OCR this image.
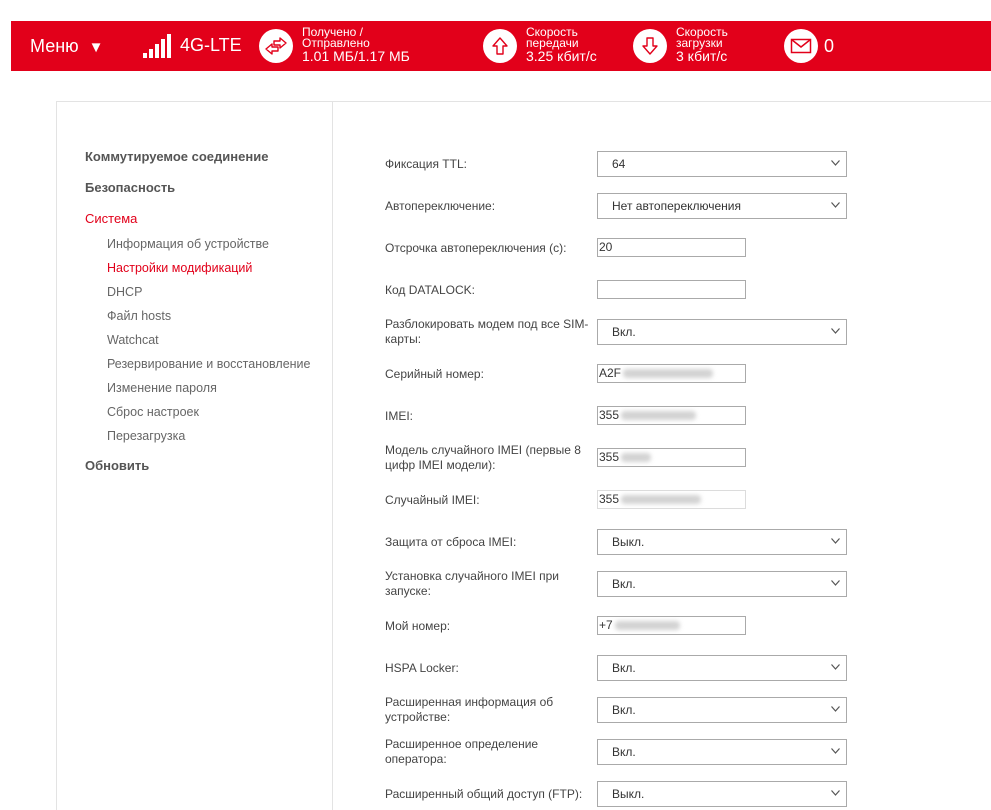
Меню ▼	4G-LTE
Получено /
Отправлено
1.01 МБ/1.17 МБ
Скорость
передачи
3.25 кбит/с
Скорость
загрузки
3 кбит/с	0
Коммутируемое соединение
Безопасность
Система
Информация об устройстве
Настройки модификаций
DHCP
Файл hosts
Watchcat
Резервирование и восстановление
Изменение пароля
Сброс настроек
Перезагрузка
Обновить
Фиксация TTL:	64
Автопереключение:	Нет автопереключения
Отсрочка автопереключения (с):	20
Код DATALOCK:
Разблокировать модем под все SIM-карты:	Вкл.
Серийный номер:	A2F
IMEI:	355
Модель случайного IMEI (первые 8 цифр IMEI модели):
355
Случайный IMEI:	355
Защита от сброса IMEI:	Выкл.
Установка случайного IMEI при запуске:	Вкл.
Мой номер:	+7
HSPA Locker:	Вкл.
Расширенная информация об устройстве:	Вкл.
Расширенное определение оператора:	Вкл.
Расширенный общий доступ (FTP):	Выкл.
